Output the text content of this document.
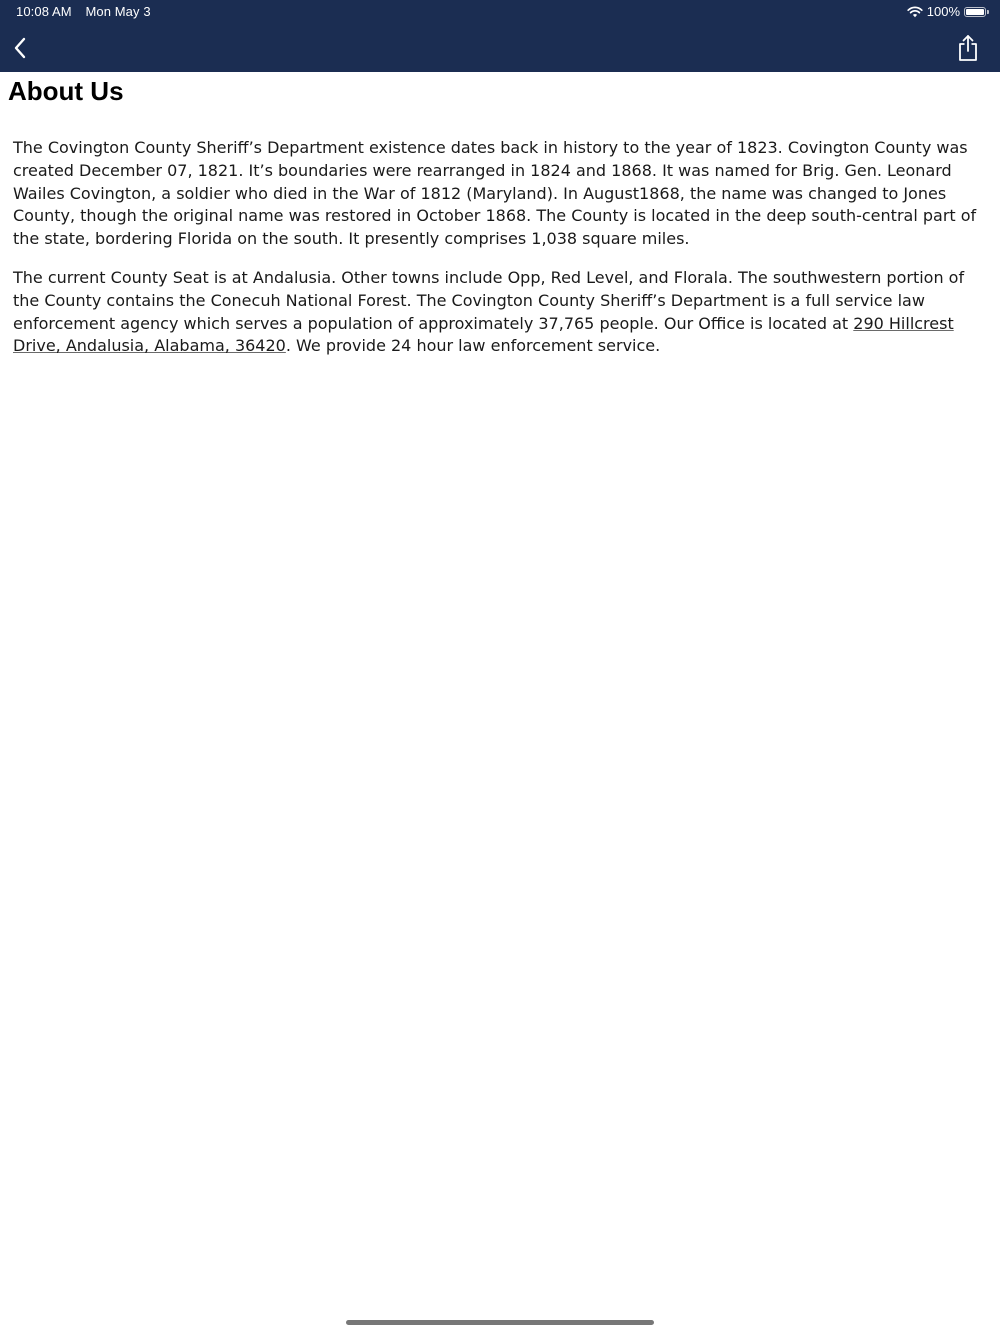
10:08 AM Mon May 3	100%
About Us

The Covington County Sheriff’s Department existence dates back in history to the year of 1823. Covington County was created December 07, 1821. It’s boundaries were rearranged in 1824 and 1868. It was named for Brig. Gen. Leonard Wailes Covington, a soldier who died in the War of 1812 (Maryland). In August1868, the name was changed to Jones County, though the original name was restored in October 1868. The County is located in the deep south-central part of the state, bordering Florida on the south. It presently comprises 1,038 square miles.

The current County Seat is at Andalusia. Other towns include Opp, Red Level, and Florala. The southwestern portion of the County contains the Conecuh National Forest. The Covington County Sheriff’s Department is a full service law enforcement agency which serves a population of approximately 37,765 people. Our Office is located at 290 Hillcrest Drive, Andalusia, Alabama, 36420. We provide 24 hour law enforcement service.
